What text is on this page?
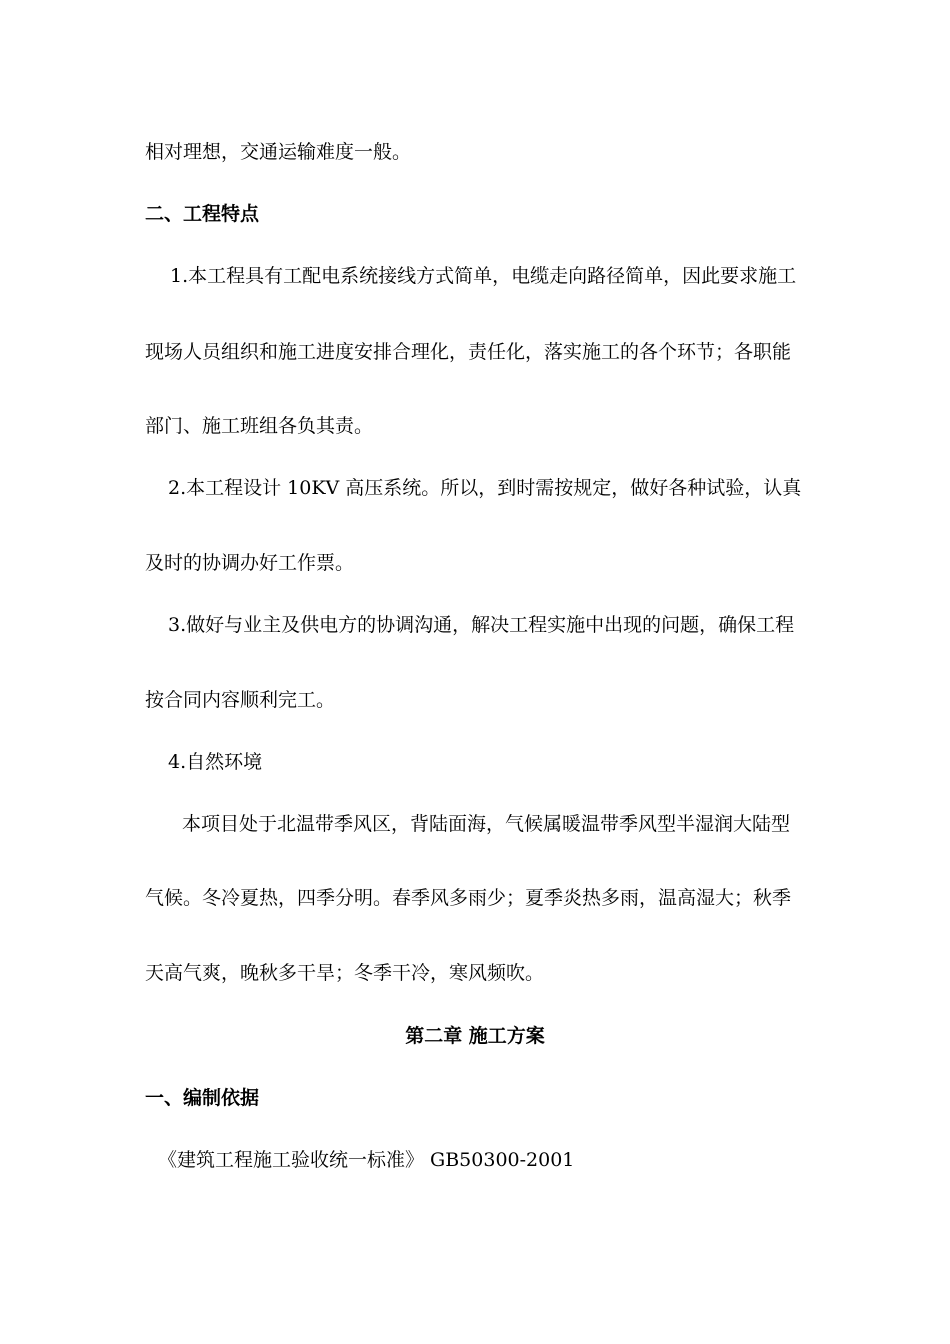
相对理想，交通运输难度一般。
二、工程特点
1.本工程具有工配电系统接线方式简单，电缆走向路径简单，因此要求施工
现场人员组织和施工进度安排合理化，责任化，落实施工的各个环节；各职能
部门、施工班组各负其责。
2.本工程设计 10KV 高压系统。所以，到时需按规定，做好各种试验，认真
及时的协调办好工作票。
3.做好与业主及供电方的协调沟通，解决工程实施中出现的问题，确保工程
按合同内容顺利完工。
4.自然环境
本项目处于北温带季风区，背陆面海，气候属暖温带季风型半湿润大陆型
气候。冬冷夏热，四季分明。春季风多雨少；夏季炎热多雨，温高湿大；秋季
天高气爽，晚秋多干旱；冬季干冷，寒风频吹。
第二章 施工方案
一、编制依据
《建筑工程施工验收统一标准》 GB50300-2001
